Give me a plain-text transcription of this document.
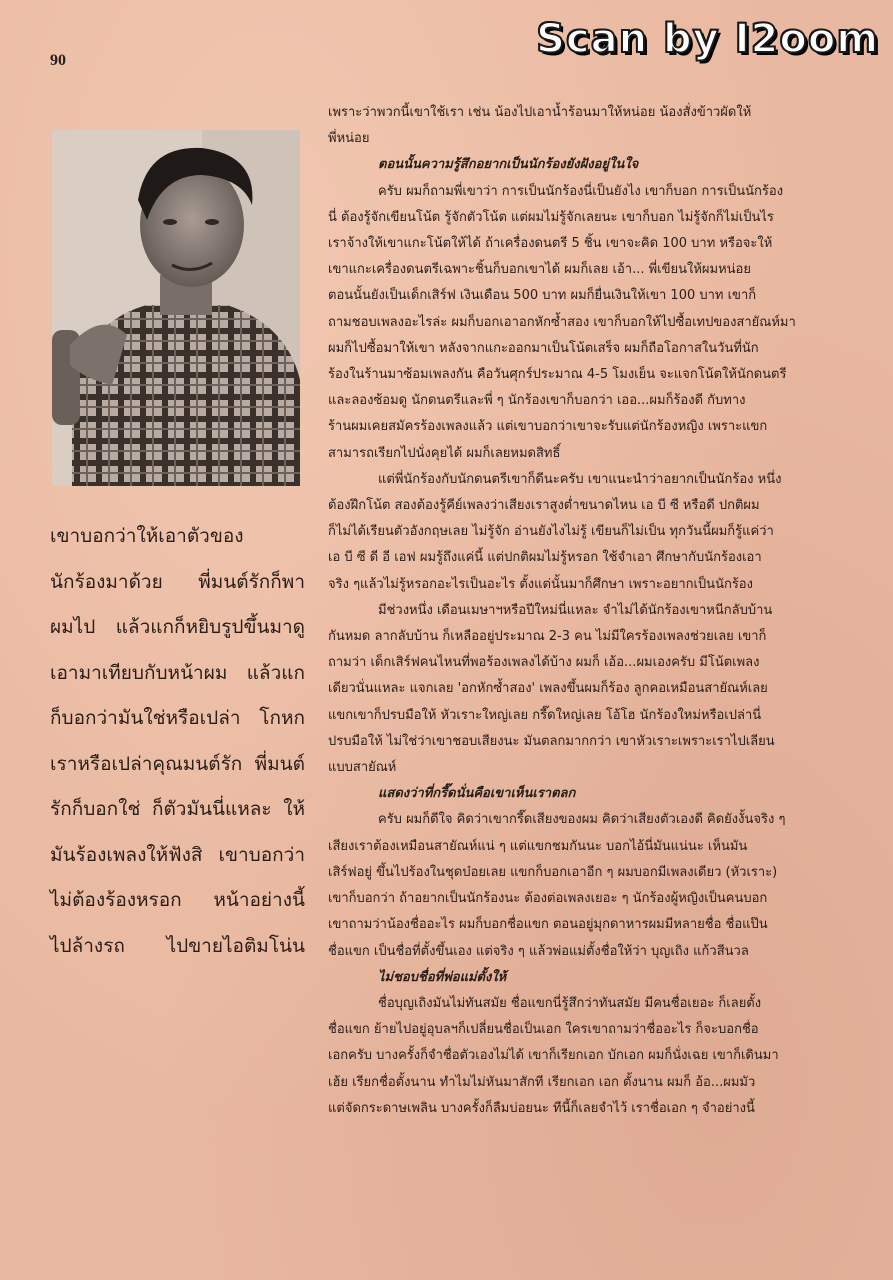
90	Scan by I2oom
เขาบอกว่าให้เอาตัวของ
นักร้องมาด้วย พี่มนต์รักก็พา
ผมไป แล้วแกก็หยิบรูปขึ้นมาดู
เอามาเทียบกับหน้าผม แล้วแก
ก็บอกว่ามันใช่หรือเปล่า โกหก
เราหรือเปล่าคุณมนต์รัก พี่มนต์
รักก็บอกใช่ ก็ตัวมันนี่แหละ ให้
มันร้องเพลงให้ฟังสิ เขาบอกว่า
ไม่ต้องร้องหรอก หน้าอย่างนี้
ไปล้างรถ ไปขายไอติมโน่น
เพราะว่าพวกนี้เขาใช้เรา เช่น น้องไปเอาน้ำร้อนมาให้หน่อย น้องสั่งข้าวผัดให้
พี่หน่อย
ตอนนั้นความรู้สึกอยากเป็นนักร้องยังฝังอยู่ในใจ
ครับ ผมก็ถามพี่เขาว่า การเป็นนักร้องนี่เป็นยังไง เขาก็บอก การเป็นนักร้อง
นี่ ต้องรู้จักเขียนโน้ต รู้จักตัวโน้ต แต่ผมไม่รู้จักเลยนะ เขาก็บอก ไม่รู้จักก็ไม่เป็นไร
เราจ้างให้เขาแกะโน้ตให้ได้ ถ้าเครื่องดนตรี 5 ชิ้น เขาจะคิด 100 บาท หรือจะให้
เขาแกะเครื่องดนตรีเฉพาะชิ้นก็บอกเขาได้ ผมก็เลย เอ้า... พี่เขียนให้ผมหน่อย
ตอนนั้นยังเป็นเด็กเสิร์ฟ เงินเดือน 500 บาท ผมก็ยื่นเงินให้เขา 100 บาท เขาก็
ถามชอบเพลงอะไรล่ะ ผมก็บอกเอาอกหักซ้ำสอง เขาก็บอกให้ไปซื้อเทปของสายัณห์มา
ผมก็ไปซื้อมาให้เขา หลังจากแกะออกมาเป็นโน้ตเสร็จ ผมก็ถือโอกาสในวันที่นัก
ร้องในร้านมาซ้อมเพลงกัน คือวันศุกร์ประมาณ 4-5 โมงเย็น จะแจกโน้ตให้นักดนตรี
และลองซ้อมดู นักดนตรีและพี่ ๆ นักร้องเขาก็บอกว่า เออ...ผมก็ร้องดี กับทาง
ร้านผมเคยสมัครร้องเพลงแล้ว แต่เขาบอกว่าเขาจะรับแต่นักร้องหญิง เพราะแขก
สามารถเรียกไปนั่งคุยได้ ผมก็เลยหมดสิทธิ์
แต่พี่นักร้องกับนักดนตรีเขาก็ดีนะครับ เขาแนะนำว่าอยากเป็นนักร้อง หนึ่ง
ต้องฝึกโน้ต สองต้องรู้คีย์เพลงว่าเสียงเราสูงต่ำขนาดไหน เอ บี ซี หรือดี ปกติผม
ก็ไม่ได้เรียนตัวอังกฤษเลย ไม่รู้จัก อ่านยังไงไม่รู้ เขียนก็ไม่เป็น ทุกวันนี้ผมก็รู้แค่ว่า
เอ บี ซี ดี อี เอฟ ผมรู้ถึงแค่นี้ แต่ปกติผมไม่รู้หรอก ใช้จำเอา ศึกษากับนักร้องเอา
จริง ๆแล้วไม่รู้หรอกอะไรเป็นอะไร ตั้งแต่นั้นมาก็ศึกษา เพราะอยากเป็นนักร้อง
มีช่วงหนึ่ง เดือนเมษาฯหรือปีใหม่นี่แหละ จำไม่ได้นักร้องเขาหนีกลับบ้าน
กันหมด ลากลับบ้าน ก็เหลืออยู่ประมาณ 2-3 คน ไม่มีใครร้องเพลงช่วยเลย เขาก็
ถามว่า เด็กเสิร์ฟคนไหนที่พอร้องเพลงได้บ้าง ผมก็ เอ้อ...ผมเองครับ มีโน้ตเพลง
เดียวนั่นแหละ แจกเลย 'อกหักซ้ำสอง' เพลงขึ้นผมก็ร้อง ลูกคอเหมือนสายัณห์เลย
แขกเขาก็ปรบมือให้ หัวเราะใหญ่เลย กรี๊ดใหญ่เลย โอ้โฮ นักร้องใหม่หรือเปล่านี่
ปรบมือให้ ไม่ใช่ว่าเขาชอบเสียงนะ มันตลกมากกว่า เขาหัวเราะเพราะเราไปเลียน
แบบสายัณห์
แสดงว่าที่กรี๊ดนั่นคือเขาเห็นเราตลก
ครับ ผมก็ดีใจ คิดว่าเขากรี๊ดเสียงของผม คิดว่าเสียงตัวเองดี คิดยังงั้นจริง ๆ
เสียงเราต้องเหมือนสายัณห์แน่ ๆ แต่แขกชมกันนะ บอกไอ้นี่มันแน่นะ เห็นมัน
เสิร์ฟอยู่ ขึ้นไปร้องในชุดบ๋อยเลย แขกก็บอกเอาอีก ๆ ผมบอกมีเพลงเดียว (หัวเราะ)
เขาก็บอกว่า ถ้าอยากเป็นนักร้องนะ ต้องต่อเพลงเยอะ ๆ นักร้องผู้หญิงเป็นคนบอก
เขาถามว่าน้องชื่ออะไร ผมก็บอกชื่อแขก ตอนอยู่มุกดาหารผมมีหลายชื่อ ชื่อแป๊น
ชื่อแขก เป็นชื่อที่ตั้งขึ้นเอง แต่จริง ๆ แล้วพ่อแม่ตั้งชื่อให้ว่า บุญเถิง แก้วสีนวล
ไม่ชอบชื่อที่พ่อแม่ตั้งให้
ชื่อบุญเถิงมันไม่ทันสมัย ชื่อแขกนี่รู้สึกว่าทันสมัย มีคนชื่อเยอะ ก็เลยตั้ง
ชื่อแขก ย้ายไปอยู่อุบลฯก็เปลี่ยนชื่อเป็นเอก ใครเขาถามว่าชื่ออะไร ก็จะบอกชื่อ
เอกครับ บางครั้งก็จำชื่อตัวเองไม่ได้ เขาก็เรียกเอก บักเอก ผมก็นั่งเฉย เขาก็เดินมา
เฮ้ย เรียกชื่อตั้งนาน ทำไมไม่หันมาสักที เรียกเอก เอก ตั้งนาน ผมก็ อ้อ...ผมมัว
แต่จัดกระดาษเพลิน บางครั้งก็ลืมบ่อยนะ ทีนี้ก็เลยจำไว้ เราชื่อเอก ๆ จำอย่างนี้
